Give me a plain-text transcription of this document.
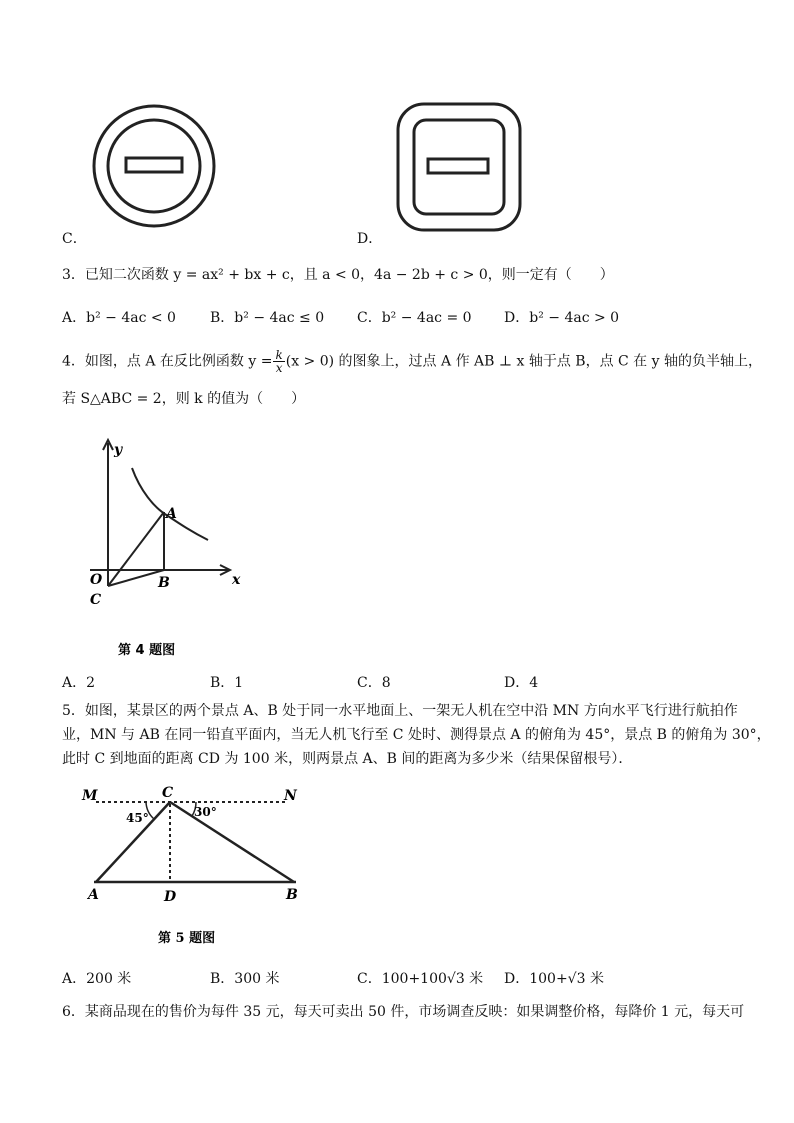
C．	D．
3．已知二次函数 y = ax² + bx + c，且 a < 0，4a − 2b + c > 0，则一定有（　　）
A．b² − 4ac < 0 B．b² − 4ac ≤ 0 C．b² − 4ac = 0 D．b² − 4ac > 0
4．如图，点 A 在反比例函数 $y = \frac{k}{x} (x > 0)$ 的图象上，过点 A 作 AB ⊥ x 轴于点 B，点 C 在 y 轴的负半轴上，
若 S△ABC = 2，则 k 的值为（　　）
y
x
O
A
B
C
第 4 题图
A．2	B．1	C．8	D．4
5．如图，某景区的两个景点 A、B 处于同一水平地面上、一架无人机在空中沿 MN 方向水平飞行进行航拍作
业，MN 与 AB 在同一铅直平面内，当无人机飞行至 C 处时、测得景点 A 的俯角为 45°，景点 B 的俯角为 30°，
此时 C 到地面的距离 CD 为 100 米，则两景点 A、B 间的距离为多少米（结果保留根号）．
M	C	N
45°	30°
A	D	B
第 5 题图
A．200 米	B．300 米	C．100+100√3 米 D．100+√3 米
6．某商品现在的售价为每件 35 元，每天可卖出 50 件，市场调查反映：如果调整价格，每降价 1 元，每天可
